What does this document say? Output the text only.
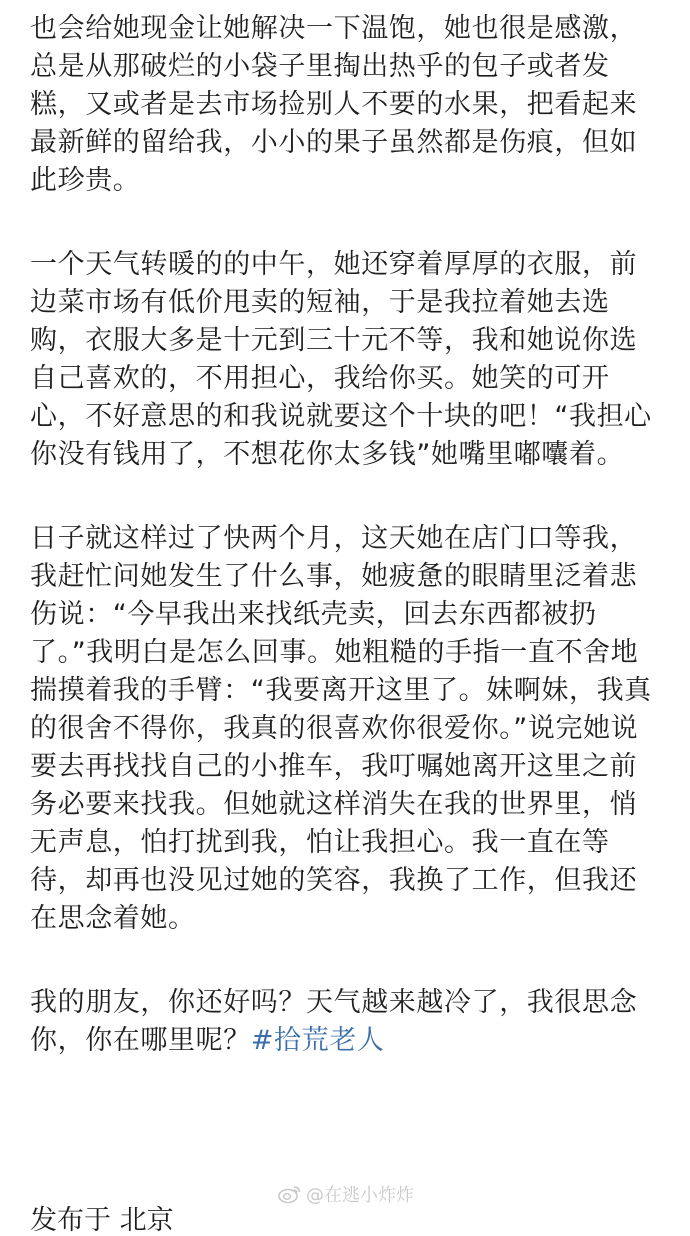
也会给她现金让她解决一下温饱，她也很是感激，
总是从那破烂的小袋子里掏出热乎的包子或者发
糕，又或者是去市场捡别人不要的水果，把看起来
最新鲜的留给我，小小的果子虽然都是伤痕，但如
此珍贵。
一个天气转暖的的中午，她还穿着厚厚的衣服，前
边菜市场有低价甩卖的短袖，于是我拉着她去选
购，衣服大多是十元到三十元不等，我和她说你选
自己喜欢的，不用担心，我给你买。她笑的可开
心，不好意思的和我说就要这个十块的吧！“我担心
你没有钱用了，不想花你太多钱”她嘴里嘟囔着。
日子就这样过了快两个月，这天她在店门口等我，
我赶忙问她发生了什么事，她疲惫的眼睛里泛着悲
伤说：“今早我出来找纸壳卖，回去东西都被扔
了。”我明白是怎么回事。她粗糙的手指一直不舍地
揣摸着我的手臂：“我要离开这里了。妹啊妹，我真
的很舍不得你，我真的很喜欢你很爱你。”说完她说
要去再找找自己的小推车，我叮嘱她离开这里之前
务必要来找我。但她就这样消失在我的世界里，悄
无声息，怕打扰到我，怕让我担心。我一直在等
待，却再也没见过她的笑容，我换了工作，但我还
在思念着她。
我的朋友，你还好吗？天气越来越冷了，我很思念
你，你在哪里呢？#拾荒老人
@在逃小炸炸
发布于 北京
